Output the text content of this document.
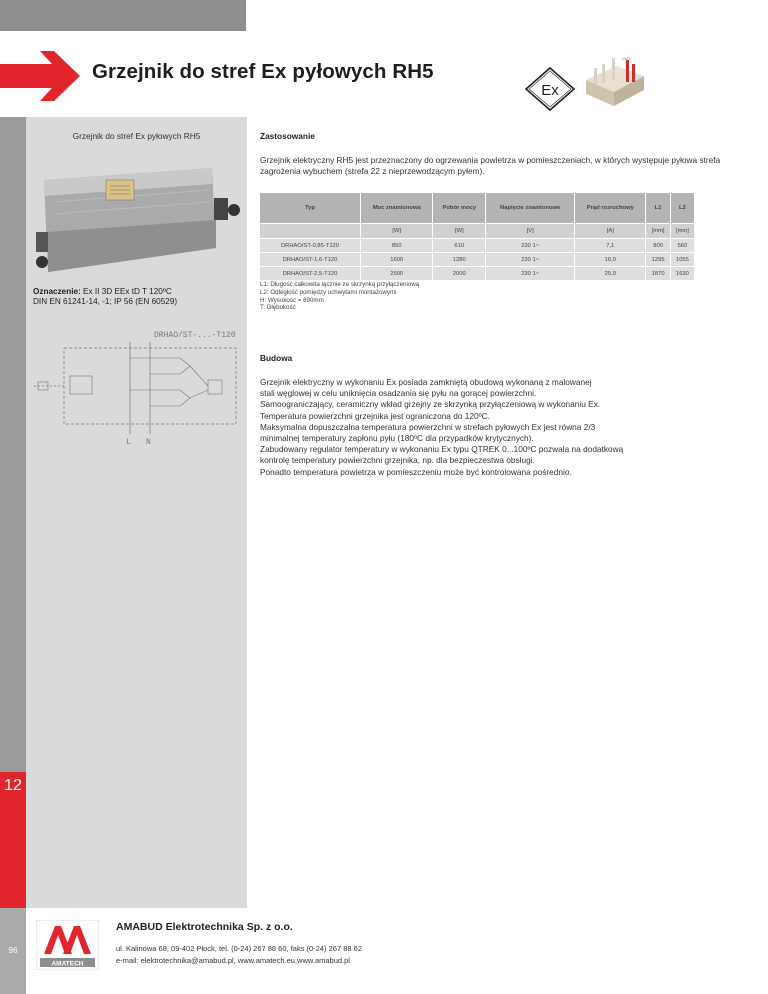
Grzejnik do stref Ex pyłowych RH5
Ex
12
96
Grzejnik do stref Ex pyłowych RH5
Oznaczenie: Ex II 3D EEx tD T 120ºC
DIN EN 61241-14, -1; IP 56 (EN 60529)
DRHAO/ST-...-T120
L N
Zastosowanie
Grzejnik elektryczny RH5 jest przeznaczony do ogrzewania powietrza w pomieszczeniach, w których występuje pyłowa strefa zagrożenia wybuchem (strefa 22 z nieprzewodzącym pyłem).
Typ	Moc znamionowa	Pobór mocy	Napięcie znamionowe	Prąd rozruchowy	L1	L2
	[W]	[W]	[V]	[A]	[mm]	[mm]
DRHAO/ST-0,85-T120	850	610	230 1~	7,1	800	560
DRHAO/ST-1,6-T120	1600	1280	230 1~	16,0	1295	1055
DRHAO/ST-2,5-T120	2500	2000	230 1~	25,0	1870	1630
L1: Długość całkowita łącznie ze skrzynką przyłączeniową
L2: Odległość pomiędzy uchwytami montażowymi
H: Wysokość = 690mm
T: Głębokość
Budowa
Grzejnik elektryczny w wykonaniu Ex posiada zamkniętą obudową wykonaną z malowanej
stali węglowej w celu uniknięcia osadzania się pyłu na gorącej powierzchni.
Samoograniczający, ceramiczny wkład grzejny ze skrzynką przyłączeniową w wykonaniu Ex.
Temperatura powierzchni grzejnika jest ograniczona do 120ºC.
Maksymalna dopuszczalna temperatura powierzchni w strefach pyłowych Ex jest równa 2/3
minimalnej temperatury zapłonu pyłu (180ºC dla przypadków krytycznych).
Zabudowany regulator temperatury w wykonaniu Ex typu QTREK 0...100ºC pozwala na dodatkową
kontrolę temperatury powierzchni grzejnika, np. dla bezpieczestwa obsługi.
Ponadto temperatura powietrza w pomieszczeniu może być kontrolowana pośrednio.
AMATECH
AMABUD Elektrotechnika Sp. z o.o.
ul. Kalinowa 68, 09-402 Płock, tel. (0-24) 267 88 60, faks (0-24) 267 88 62
e-mail: elektrotechnika@amabud.pl, www.amatech.eu,www.amabud.pl
